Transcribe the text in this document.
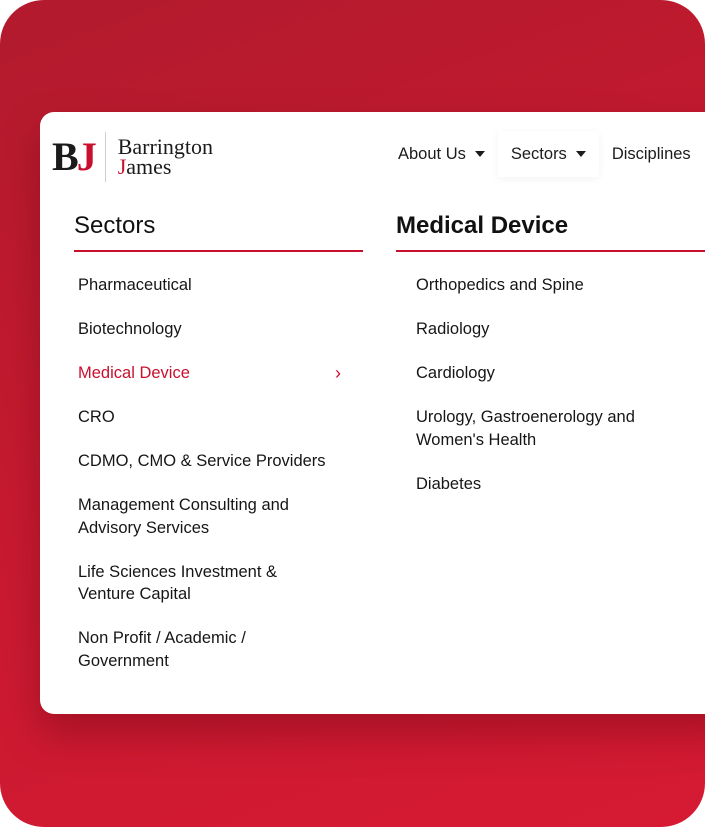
BJ Barrington
James
About Us	Sectors	Disciplines
Sectors
Pharmaceutical
Biotechnology
Medical Device	›
CRO
CDMO, CMO & Service Providers
Management Consulting and
Advisory Services
Life Sciences Investment &
Venture Capital
Non Profit / Academic /
Government
Medical Device
Orthopedics and Spine
Radiology
Cardiology
Urology, Gastroenerology and
Women's Health
Diabetes
